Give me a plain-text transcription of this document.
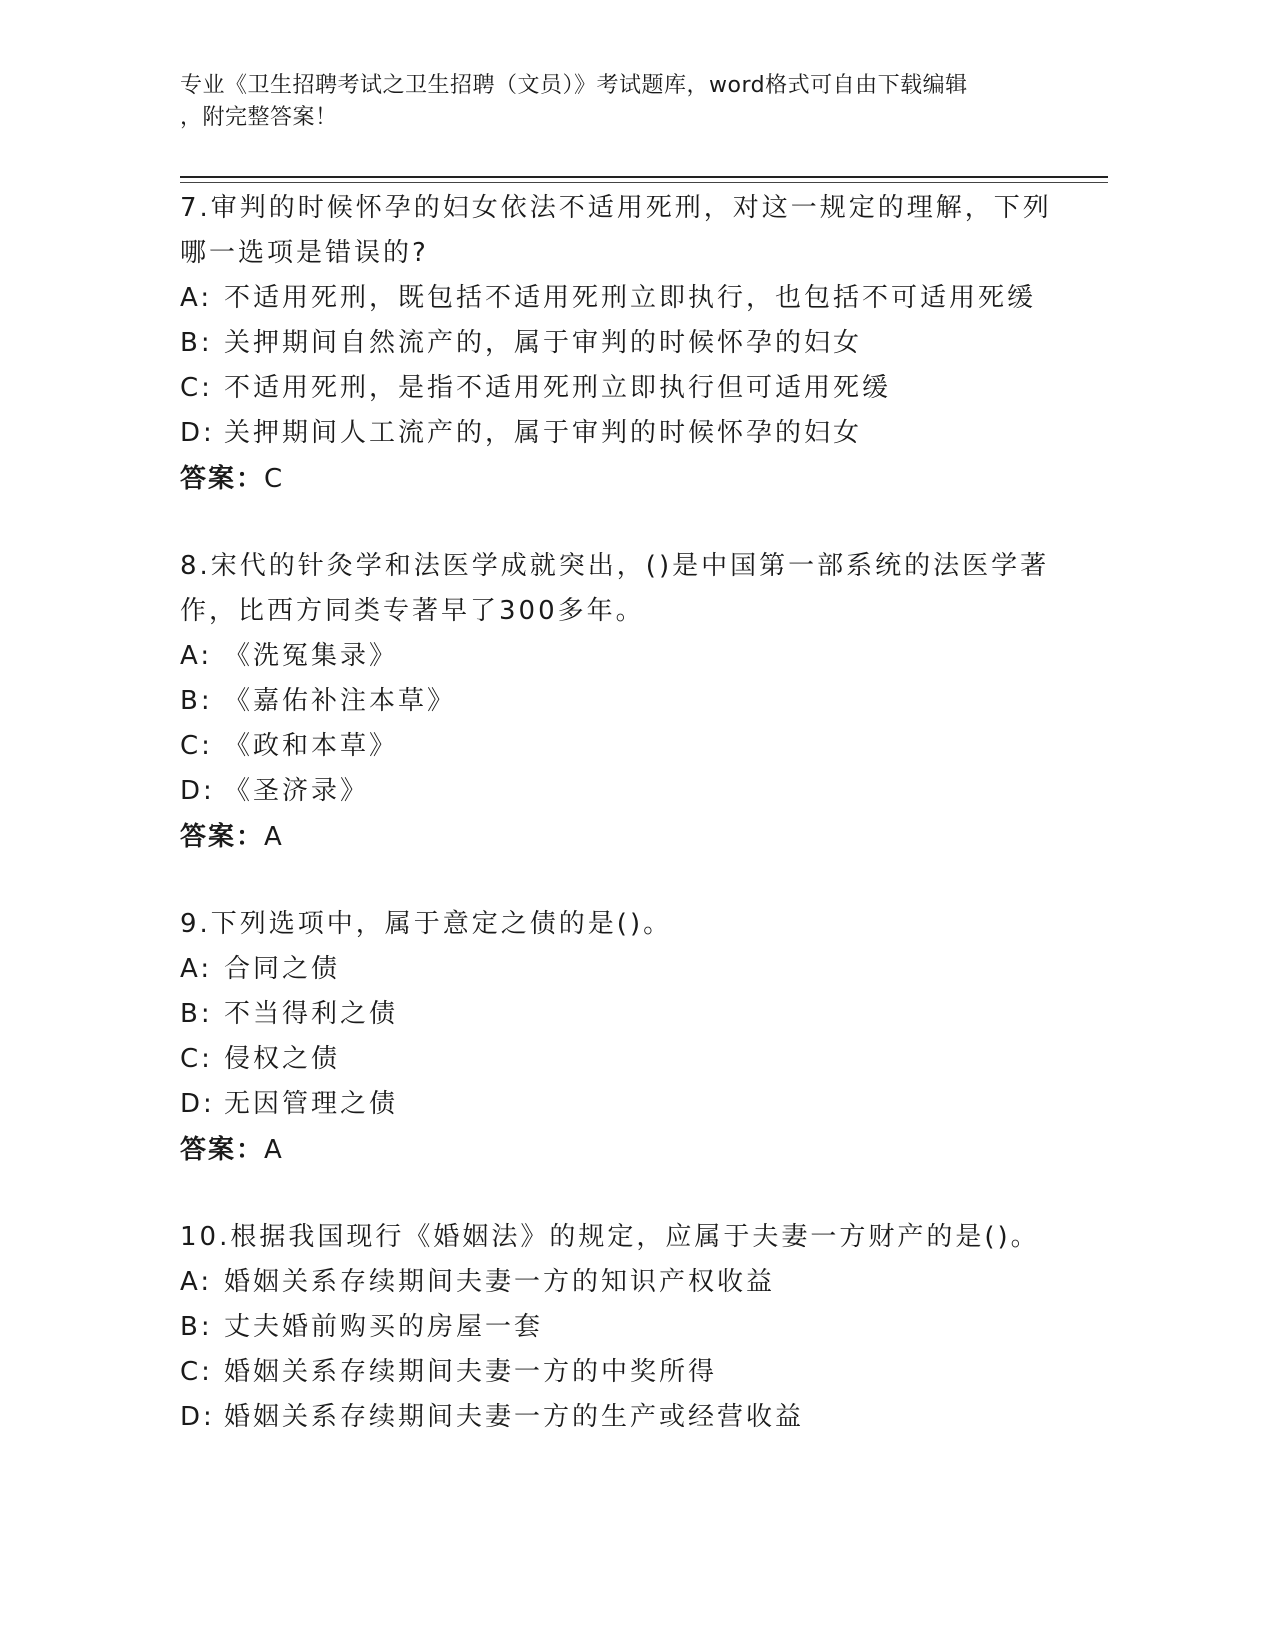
专业《卫生招聘考试之卫生招聘（文员）》考试题库，word格式可自由下载编辑
，附完整答案！
7.审判的时候怀孕的妇女依法不适用死刑，对这一规定的理解，下列
哪一选项是错误的?
A: 不适用死刑，既包括不适用死刑立即执行，也包括不可适用死缓
B: 关押期间自然流产的，属于审判的时候怀孕的妇女
C: 不适用死刑，是指不适用死刑立即执行但可适用死缓
D: 关押期间人工流产的，属于审判的时候怀孕的妇女
答案：C
8.宋代的针灸学和法医学成就突出，()是中国第一部系统的法医学著
作，比西方同类专著早了300多年。
A: 《洗冤集录》
B: 《嘉佑补注本草》
C: 《政和本草》
D: 《圣济录》
答案：A
9.下列选项中，属于意定之债的是()。
A: 合同之债
B: 不当得利之债
C: 侵权之债
D: 无因管理之债
答案：A
10.根据我国现行《婚姻法》的规定，应属于夫妻一方财产的是()。
A: 婚姻关系存续期间夫妻一方的知识产权收益
B: 丈夫婚前购买的房屋一套
C: 婚姻关系存续期间夫妻一方的中奖所得
D: 婚姻关系存续期间夫妻一方的生产或经营收益
